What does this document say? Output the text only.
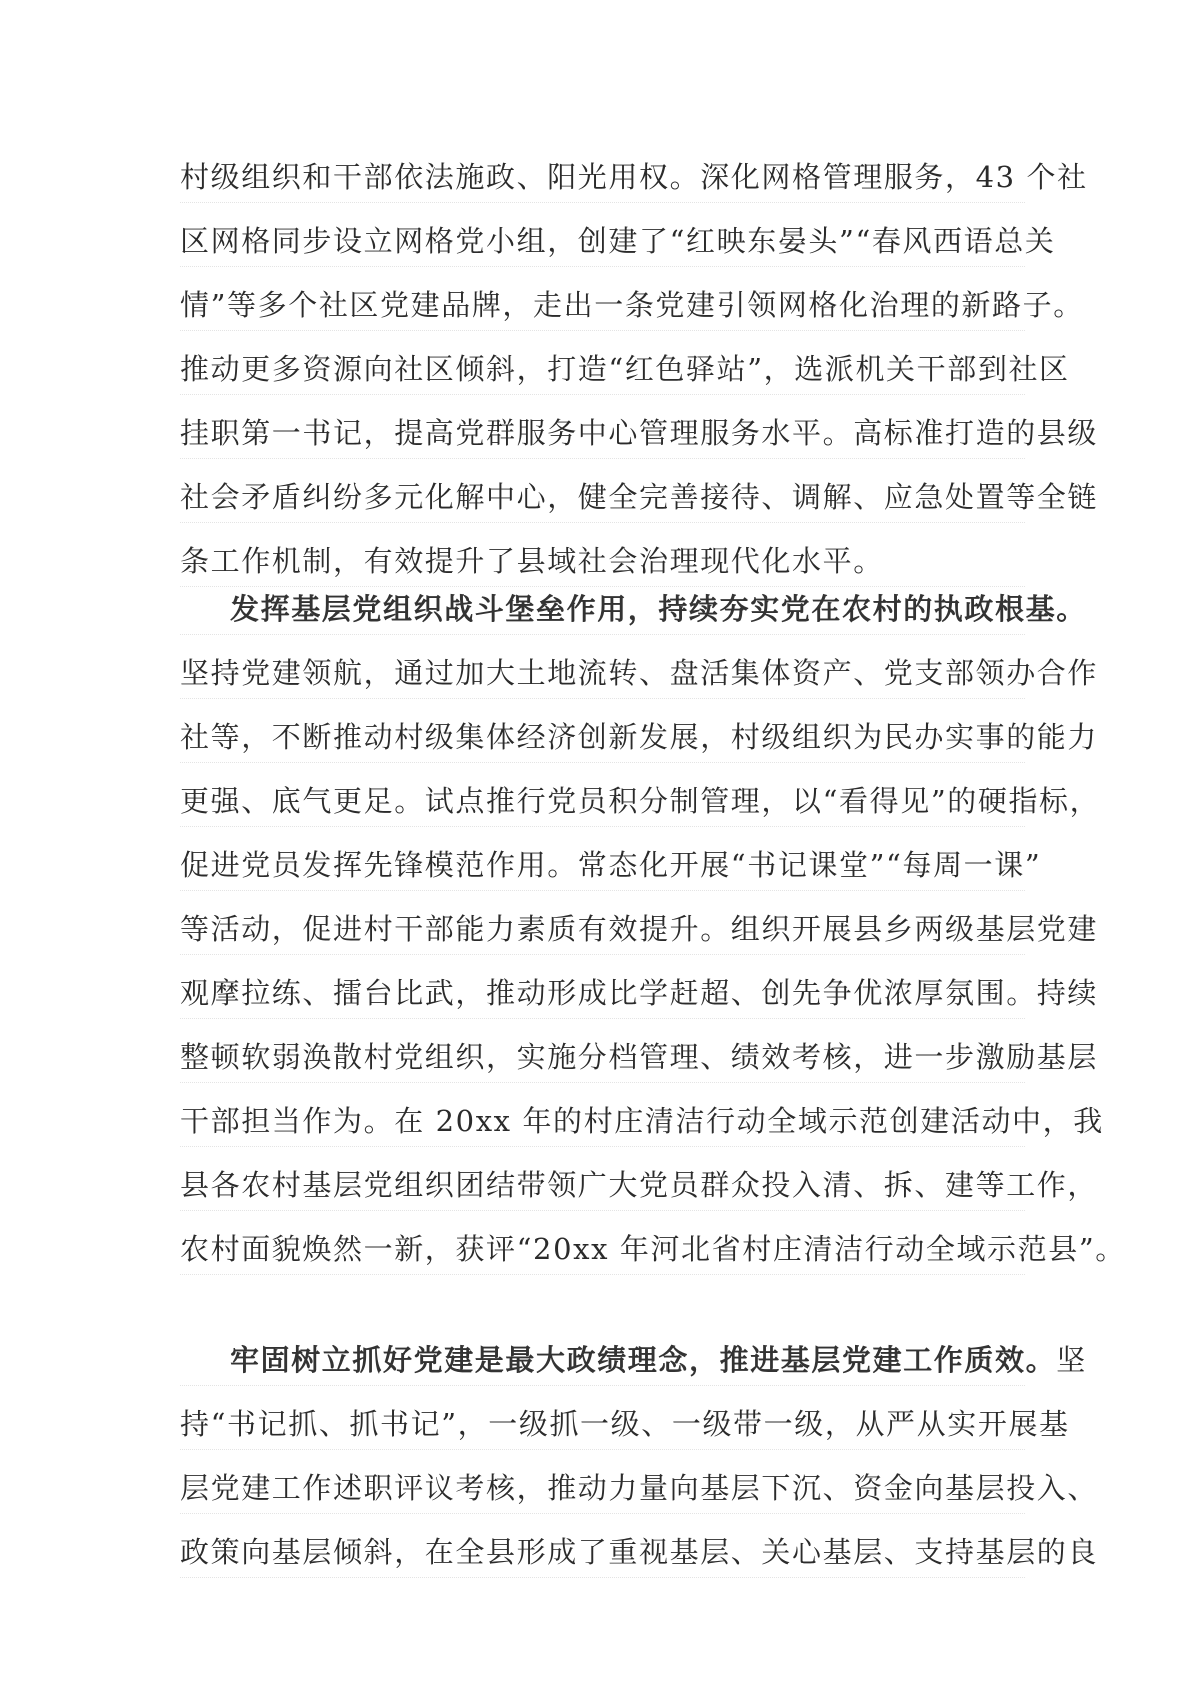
村级组织和干部依法施政、阳光用权。深化网格管理服务，43 个社
区网格同步设立网格党小组，创建了“红映东晏头”“春风西语总关
情”等多个社区党建品牌，走出一条党建引领网格化治理的新路子。
推动更多资源向社区倾斜，打造“红色驿站”，选派机关干部到社区
挂职第一书记，提高党群服务中心管理服务水平。高标准打造的县级
社会矛盾纠纷多元化解中心，健全完善接待、调解、应急处置等全链
条工作机制，有效提升了县域社会治理现代化水平。
发挥基层党组织战斗堡垒作用，持续夯实党在农村的执政根基。
坚持党建领航，通过加大土地流转、盘活集体资产、党支部领办合作
社等，不断推动村级集体经济创新发展，村级组织为民办实事的能力
更强、底气更足。试点推行党员积分制管理，以“看得见”的硬指标，
促进党员发挥先锋模范作用。常态化开展“书记课堂”“每周一课”
等活动，促进村干部能力素质有效提升。组织开展县乡两级基层党建
观摩拉练、擂台比武，推动形成比学赶超、创先争优浓厚氛围。持续
整顿软弱涣散村党组织，实施分档管理、绩效考核，进一步激励基层
干部担当作为。在 20xx 年的村庄清洁行动全域示范创建活动中，我
县各农村基层党组织团结带领广大党员群众投入清、拆、建等工作，
农村面貌焕然一新，获评“20xx 年河北省村庄清洁行动全域示范县”。
牢固树立抓好党建是最大政绩理念，推进基层党建工作质效。坚
持“书记抓、抓书记”，一级抓一级、一级带一级，从严从实开展基
层党建工作述职评议考核，推动力量向基层下沉、资金向基层投入、
政策向基层倾斜，在全县形成了重视基层、关心基层、支持基层的良
